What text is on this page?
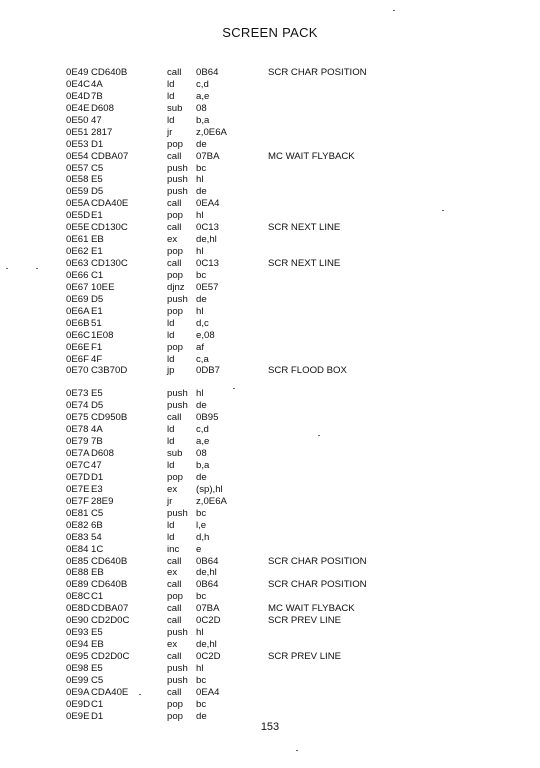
SCREEN PACK
0E49 CD640B	call	0B64	SCR CHAR POSITION
0E4C 4A	ld	c,d
0E4D 7B	ld	a,e
0E4E D608	sub	08
0E50 47	ld	b,a
0E51 2817	jr	z,0E6A
0E53 D1	pop	de
0E54 CDBA07	call	07BA	MC WAIT FLYBACK
0E57 C5	push bc
0E58 E5	push hl
0E59 D5	push de
0E5A CDA40E	call	0EA4
0E5D E1	pop	hl
0E5E CD130C	call	0C13	SCR NEXT LINE
0E61 EB	ex	de,hl
0E62 E1	pop	hl
0E63 CD130C	call	0C13	SCR NEXT LINE
0E66 C1	pop	bc
0E67 10EE	djnz	0E57
0E69 D5	push de
0E6A E1	pop	hl
0E6B 51	ld	d,c
0E6C 1E08	ld	e,08
0E6E F1	pop	af
0E6F 4F	ld	c,a
0E70 C3B70D	jp	0DB7	SCR FLOOD BOX
0E73 E5	push hl
0E74 D5	push de
0E75 CD950B	call	0B95
0E78 4A	ld	c,d
0E79 7B	ld	a,e
0E7A D608	sub	08
0E7C 47	ld	b,a
0E7D D1	pop	de
0E7E E3	ex	(sp),hl
0E7F 28E9	jr	z,0E6A
0E81 C5	push bc
0E82 6B	ld	l,e
0E83 54	ld	d,h
0E84 1C	inc	e
0E85 CD640B	call	0B64	SCR CHAR POSITION
0E88 EB	ex	de,hl
0E89 CD640B	call	0B64	SCR CHAR POSITION
0E8C C1	pop	bc
0E8D CDBA07	call	07BA	MC WAIT FLYBACK
0E90 CD2D0C	call	0C2D	SCR PREV LINE
0E93 E5	push hl
0E94 EB	ex	de,hl
0E95 CD2D0C	call	0C2D	SCR PREV LINE
0E98 E5	push hl
0E99 C5	push bc
0E9A CDA40E	call	0EA4
0E9D C1	pop	bc
0E9E D1	pop	de
153
